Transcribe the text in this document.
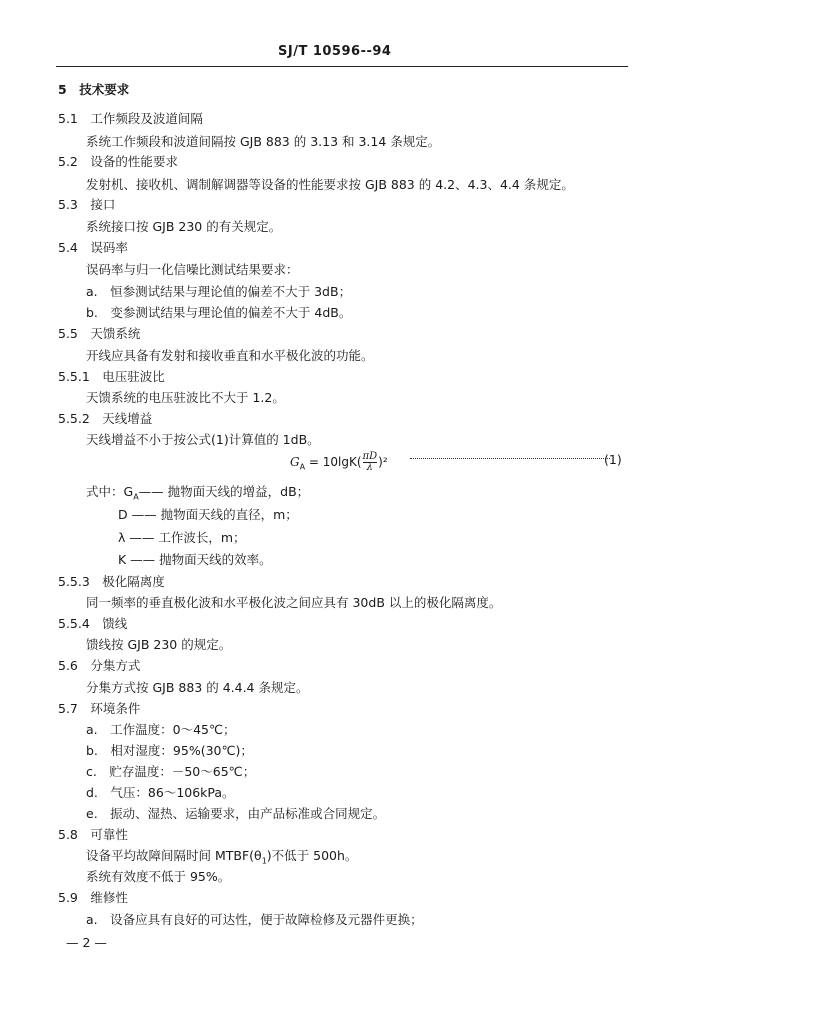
SJ/T 10596--94
5　技术要求
5.1　工作频段及波道间隔
系统工作频段和波道间隔按 GJB 883 的 3.13 和 3.14 条规定。
5.2　设备的性能要求
发射机、接收机、调制解调器等设备的性能要求按 GJB 883 的 4.2、4.3、4.4 条规定。
5.3　接口
系统接口按 GJB 230 的有关规定。
5.4　误码率
误码率与归一化信噪比测试结果要求：
a.　恒参测试结果与理论值的偏差不大于 3dB；
b.　变参测试结果与理论值的偏差不大于 4dB。
5.5　天馈系统
开线应具备有发射和接收垂直和水平极化波的功能。
5.5.1　电压驻波比
天馈系统的电压驻波比不大于 1.2。
5.5.2　天线增益
天线增益不小于按公式(1)计算值的 1dB。
$G_A = 10\lg K( \frac{\pi D}{\lambda} )^2$	(1)
式中：$G_A——$ 抛物面天线的增益，dB；
D —— 抛物面天线的直径，m；
λ —— 工作波长，m；
K —— 抛物面天线的效率。
5.5.3　极化隔离度
同一频率的垂直极化波和水平极化波之间应具有 30dB 以上的极化隔离度。
5.5.4　馈线
馈线按 GJB 230 的规定。
5.6　分集方式
分集方式按 GJB 883 的 4.4.4 条规定。
5.7　环境条件
a.　工作温度：0～45℃；
b.　相对湿度：95%(30℃)；
c.　贮存温度：－50～65℃；
d.　气压：86～106kPa。
e.　振动、湿热、运输要求，由产品标准或合同规定。
5.8　可靠性
设备平均故障间隔时间 $MTBF(\theta_1)$不低于 500h。
系统有效度不低于 95%。
5.9　维修性
a.　设备应具有良好的可达性，便于故障检修及元器件更换；
— 2 —
